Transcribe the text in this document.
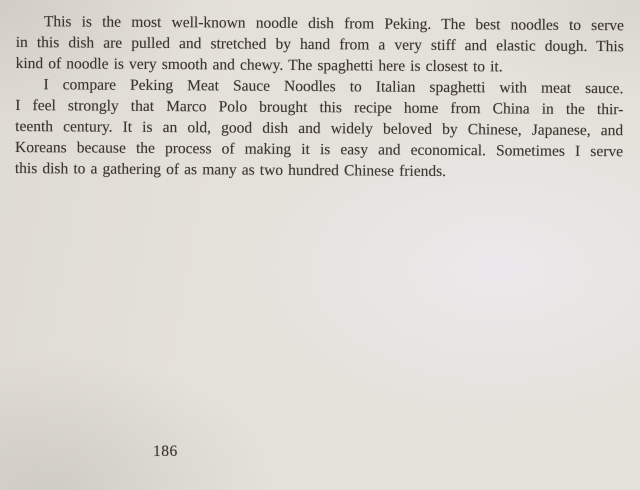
This is the most well-known noodle dish from Peking. The best noodles to serve
in this dish are pulled and stretched by hand from a very stiff and elastic dough. This
kind of noodle is very smooth and chewy. The spaghetti here is closest to it.
I compare Peking Meat Sauce Noodles to Italian spaghetti with meat sauce.
I feel strongly that Marco Polo brought this recipe home from China in the thir-
teenth century. It is an old, good dish and widely beloved by Chinese, Japanese, and
Koreans because the process of making it is easy and economical. Sometimes I serve
this dish to a gathering of as many as two hundred Chinese friends.
186
